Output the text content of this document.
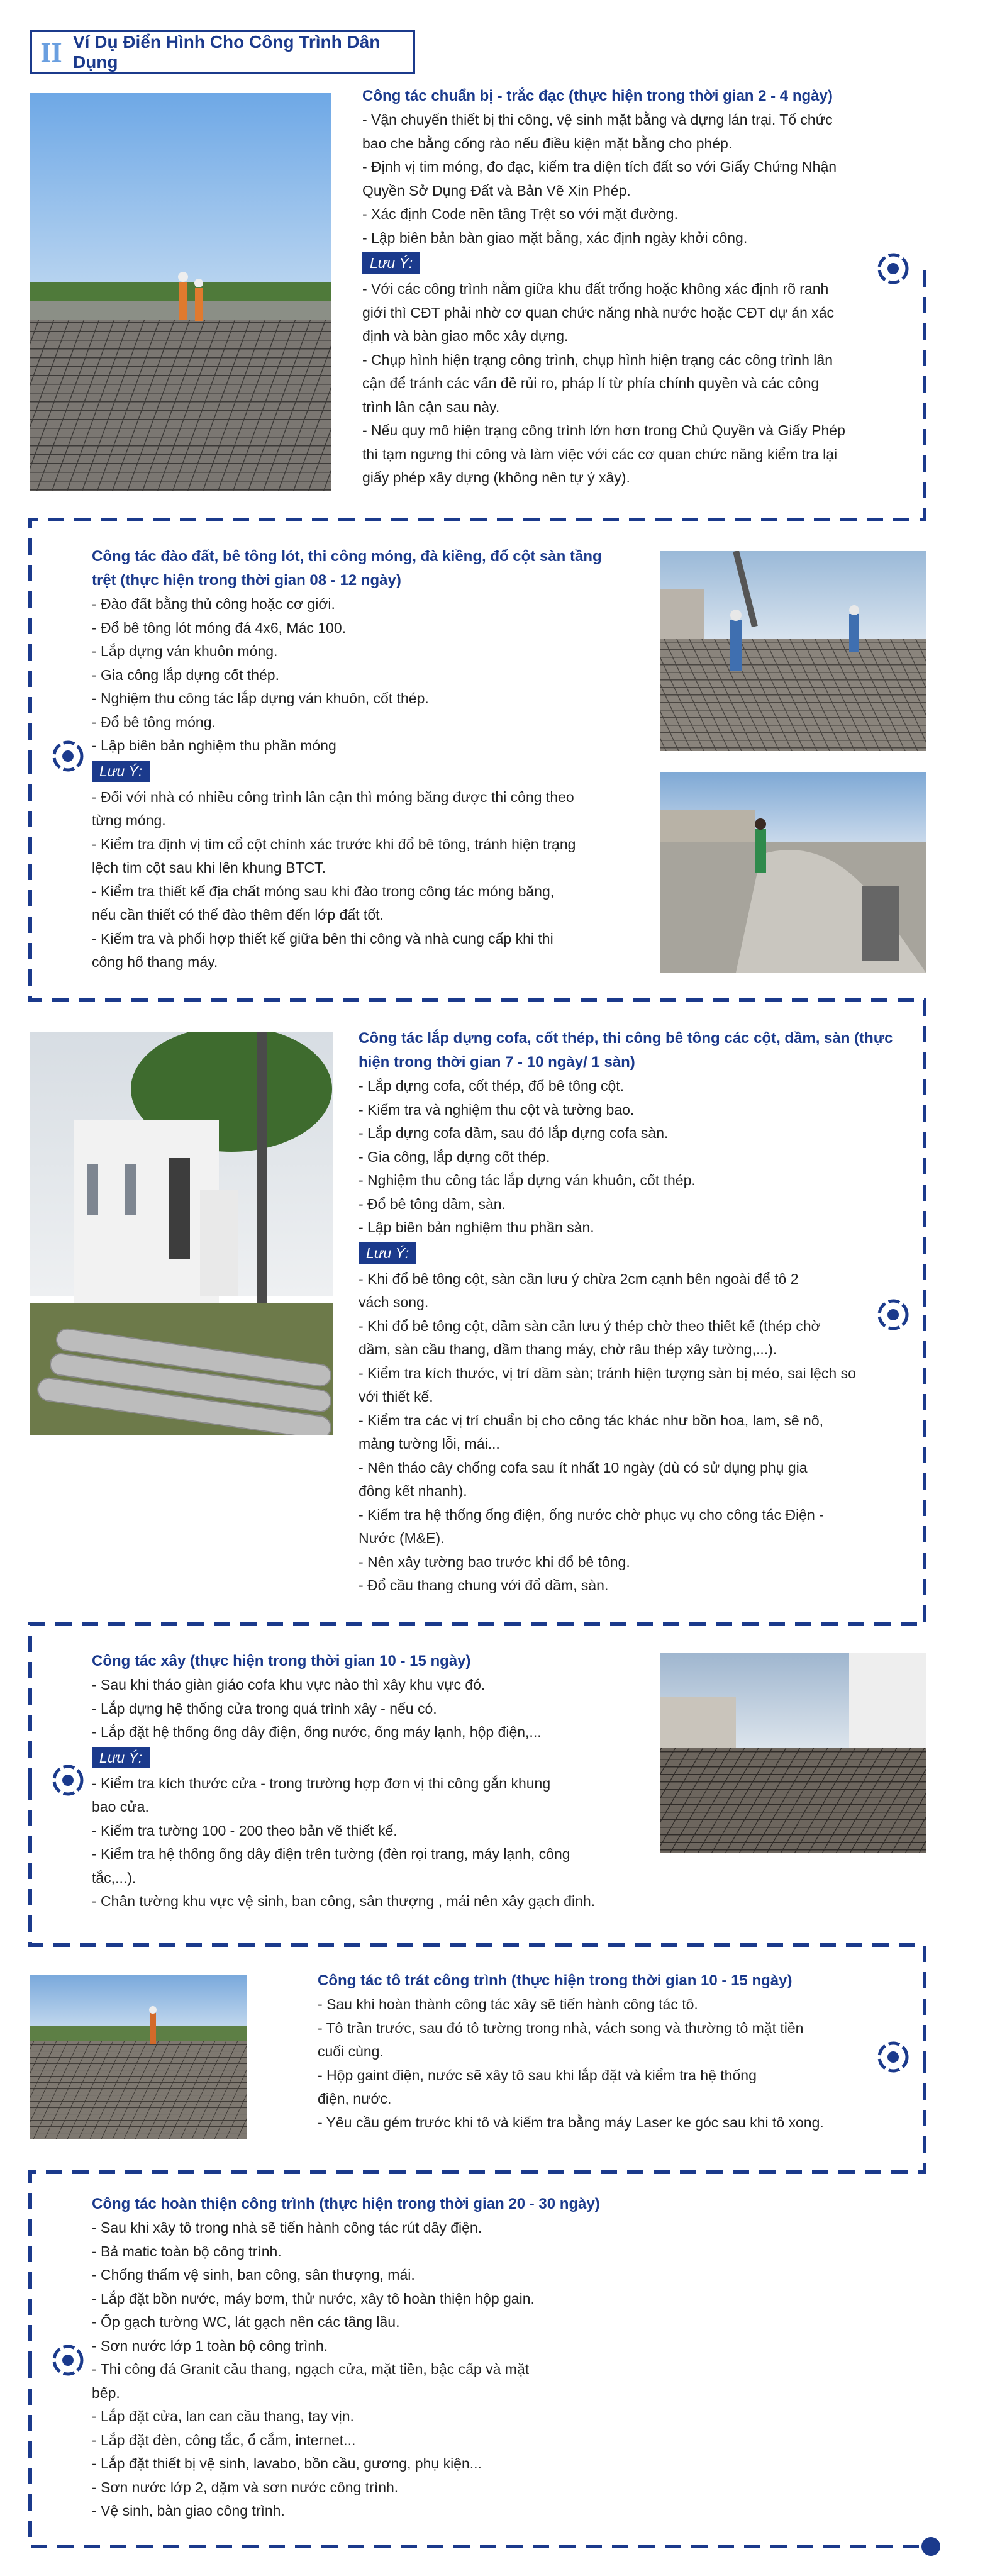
II Ví Dụ Điển Hình Cho Công Trình Dân Dụng
Công tác chuẩn bị - trắc đạc (thực hiện trong thời gian 2 - 4 ngày)
- Vận chuyển thiết bị thi công, vệ sinh mặt bằng và dựng lán trại. Tổ chức
bao che bằng cổng rào nếu điều kiện mặt bằng cho phép.
- Định vị tim móng, đo đạc, kiểm tra diện tích đất so với Giấy Chứng Nhận
Quyền Sở Dụng Đất và Bản Vẽ Xin Phép.
- Xác định Code nền tầng Trệt so với mặt đường.
- Lập biên bản bàn giao mặt bằng, xác định ngày khởi công.
Lưu Ý:
- Với các công trình nằm giữa khu đất trống hoặc không xác định rõ ranh
giới thì CĐT phải nhờ cơ quan chức năng nhà nước hoặc CĐT dự án xác
định và bàn giao mốc xây dựng.
- Chụp hình hiện trạng công trình, chụp hình hiện trạng các công trình lân
cận để tránh các vấn đề rủi ro, pháp lí từ phía chính quyền và các công
trình lân cận sau này.
- Nếu quy mô hiện trạng công trình lớn hơn trong Chủ Quyền và Giấy Phép
thì tạm ngưng thi công và làm việc với các cơ quan chức năng kiểm tra lại
giấy phép xây dựng (không nên tự ý xây).
Công tác đào đất, bê tông lót, thi công móng, đà kiềng, đổ cột sàn tầng trệt (thực hiện trong thời gian 08 - 12 ngày)
- Đào đất bằng thủ công hoặc cơ giới.
- Đổ bê tông lót móng đá 4x6, Mác 100.
- Lắp dựng ván khuôn móng.
- Gia công lắp dựng cốt thép.
- Nghiệm thu công tác lắp dựng ván khuôn, cốt thép.
- Đổ bê tông móng.
- Lập biên bản nghiệm thu phần móng
Lưu Ý:
- Đối với nhà có nhiều công trình lân cận thì móng băng được thi công theo
từng móng.
- Kiểm tra định vị tim cổ cột chính xác trước khi đổ bê tông, tránh hiện trạng
lệch tim cột sau khi lên khung BTCT.
- Kiểm tra thiết kế địa chất móng sau khi đào trong công tác móng băng,
nếu cần thiết có thể đào thêm đến lớp đất tốt.
- Kiểm tra và phối hợp thiết kế giữa bên thi công và nhà cung cấp khi thi
công hố thang máy.
Công tác lắp dựng cofa, cốt thép, thi công bê tông các cột, dầm, sàn (thực hiện trong thời gian 7 - 10 ngày/ 1 sàn)
- Lắp dựng cofa, cốt thép, đổ bê tông cột.
- Kiểm tra và nghiệm thu cột và tường bao.
- Lắp dựng cofa dầm, sau đó lắp dựng cofa sàn.
- Gia công, lắp dựng cốt thép.
- Nghiệm thu công tác lắp dựng ván khuôn, cốt thép.
- Đổ bê tông dầm, sàn.
- Lập biên bản nghiệm thu phần sàn.
Lưu Ý:
- Khi đổ bê tông cột, sàn cần lưu ý chừa 2cm cạnh bên ngoài để tô 2
vách song.
- Khi đổ bê tông cột, dầm sàn cần lưu ý thép chờ theo thiết kế (thép chờ
dầm, sàn cầu thang, dầm thang máy, chờ râu thép xây tường,...).
- Kiểm tra kích thước, vị trí dầm sàn; tránh hiện tượng sàn bị méo, sai lệch so
với thiết kế.
- Kiểm tra các vị trí chuẩn bị cho công tác khác như bồn hoa, lam, sê nô,
mảng tường lỗi, mái...
- Nên tháo cây chống cofa sau ít nhất 10 ngày (dù có sử dụng phụ gia
đông kết nhanh).
- Kiểm tra hệ thống ống điện, ống nước chờ phục vụ cho công tác Điện -
Nước (M&E).
- Nên xây tường bao trước khi đổ bê tông.
- Đổ cầu thang chung với đổ dầm, sàn.
Công tác xây (thực hiện trong thời gian 10 - 15 ngày)
- Sau khi tháo giàn giáo cofa khu vực nào thì xây khu vực đó.
- Lắp dựng hệ thống cửa trong quá trình xây - nếu có.
- Lắp đặt hệ thống ống dây điện, ống nước, ống máy lạnh, hộp điện,...
Lưu Ý:
- Kiểm tra kích thước cửa - trong trường hợp đơn vị thi công gắn khung
bao cửa.
- Kiểm tra tường 100 - 200 theo bản vẽ thiết kế.
- Kiểm tra hệ thống ống dây điện trên tường (đèn rọi trang, máy lạnh, công
tắc,...).
- Chân tường khu vực vệ sinh, ban công, sân thượng , mái nên xây gạch đinh.
Công tác tô trát công trình (thực hiện trong thời gian 10 - 15 ngày)
- Sau khi hoàn thành công tác xây sẽ tiến hành công tác tô.
- Tô trần trước, sau đó tô tường trong nhà, vách song và thường tô mặt tiền
cuối cùng.
- Hộp gaint điện, nước sẽ xây tô sau khi lắp đặt và kiểm tra hệ thống
điện, nước.
- Yêu cầu gém trước khi tô và kiểm tra bằng máy Laser ke góc sau khi tô xong.
Công tác hoàn thiện công trình (thực hiện trong thời gian 20 - 30 ngày)
- Sau khi xây tô trong nhà sẽ tiến hành công tác rút dây điện.
- Bả matic toàn bộ công trình.
- Chống thấm vệ sinh, ban công, sân thượng, mái.
- Lắp đặt bồn nước, máy bơm, thử nước, xây tô hoàn thiện hộp gain.
- Ốp gạch tường WC, lát gạch nền các tầng lầu.
- Sơn nước lớp 1 toàn bộ công trình.
- Thi công đá Granit cầu thang, ngạch cửa, mặt tiền, bậc cấp và mặt
bếp.
- Lắp đặt cửa, lan can cầu thang, tay vịn.
- Lắp đặt đèn, công tắc, ổ cắm, internet...
- Lắp đặt thiết bị vệ sinh, lavabo, bồn cầu, gương, phụ kiện...
- Sơn nước lớp 2, dặm và sơn nước công trình.
- Vệ sinh, bàn giao công trình.
